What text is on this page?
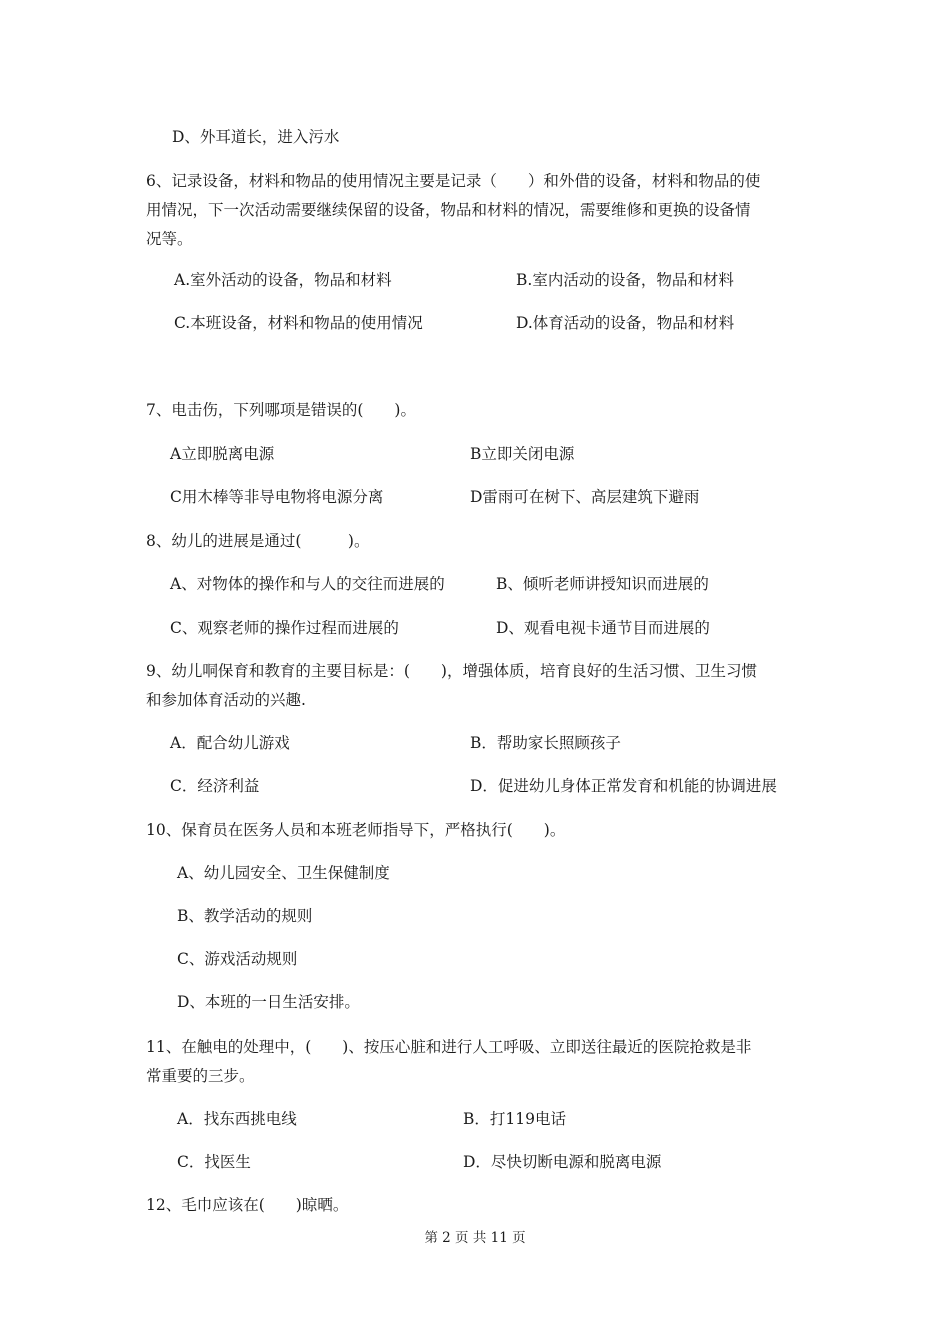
D、外耳道长，进入污水
6、记录设备，材料和物品的使用情况主要是记录（　　）和外借的设备，材料和物品的使
用情况，下一次活动需要继续保留的设备，物品和材料的情况，需要维修和更换的设备情
况等。
A.室外活动的设备，物品和材料	B.室内活动的设备，物品和材料
C.本班设备，材料和物品的使用情况	D.体育活动的设备，物品和材料
7、电击伤，下列哪项是错误的(　　)。
A立即脱离电源	B立即关闭电源
C用木棒等非导电物将电源分离	D雷雨可在树下、高层建筑下避雨
8、幼儿的进展是通过(　　　)。
A、对物体的操作和与人的交往而进展的	B、倾听老师讲授知识而进展的
C、观察老师的操作过程而进展的	D、观看电视卡通节目而进展的
9、幼儿哃保育和教育的主要目标是：(　　)，增强体质，培育良好的生活习惯、卫生习惯
和参加体育活动的兴趣.
A．配合幼儿游戏	B．帮助家长照顾孩子
C．经济利益	D．促进幼儿身体正常发育和机能的协调进展
10、保育员在医务人员和本班老师指导下，严格执行(　　)。
A、幼儿园安全、卫生保健制度
B、教学活动的规则
C、游戏活动规则
D、本班的一日生活安排。
11、在触电的处理中，(　　)、按压心脏和进行人工呼吸、立即送往最近的医院抢救是非
常重要的三步。
A．找东西挑电线	B．打119电话
C．找医生	D．尽快切断电源和脱离电源
12、毛巾应该在(　　)晾晒。
第 2 页 共 11 页
